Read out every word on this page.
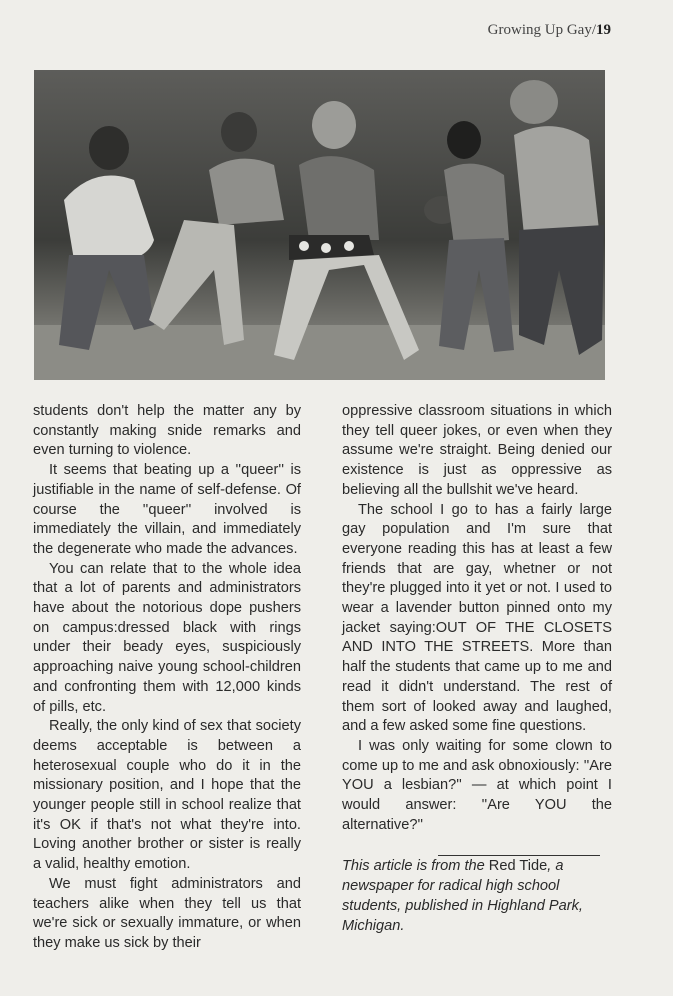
Growing Up Gay/19

students don't help the matter any by constantly making snide remarks and even turning to violence.

It seems that beating up a ''queer'' is justifiable in the name of self-defense. Of course the ''queer'' involved is immediately the villain, and immediately the degenerate who made the advances.

You can relate that to the whole idea that a lot of parents and administrators have about the notorious dope pushers on campus:dressed black with rings under their beady eyes, suspiciously approaching naive young school-children and confronting them with 12,000 kinds of pills, etc.

Really, the only kind of sex that society deems acceptable is between a heterosexual couple who do it in the missionary position, and I hope that the younger people still in school realize that it's OK if that's not what they're into. Loving another brother or sister is really a valid, healthy emotion.

We must fight administrators and teachers alike when they tell us that we're sick or sexually immature, or when they make us sick by their

oppressive classroom situations in which they tell queer jokes, or even when they assume we're straight. Being denied our existence is just as oppressive as believing all the bullshit we've heard.

The school I go to has a fairly large gay population and I'm sure that everyone reading this has at least a few friends that are gay, whetner or not they're plugged into it yet or not. I used to wear a lavender button pinned onto my jacket saying:OUT OF THE CLOSETS AND INTO THE STREETS. More than half the students that came up to me and read it didn't understand. The rest of them sort of looked away and laughed, and a few asked some fine questions.

I was only waiting for some clown to come up to me and ask obnoxiously: ''Are YOU a lesbian?'' — at which point I would answer: ''Are YOU the alternative?''

This article is from the Red Tide, a newspaper for radical high school students, published in Highland Park, Michigan.
